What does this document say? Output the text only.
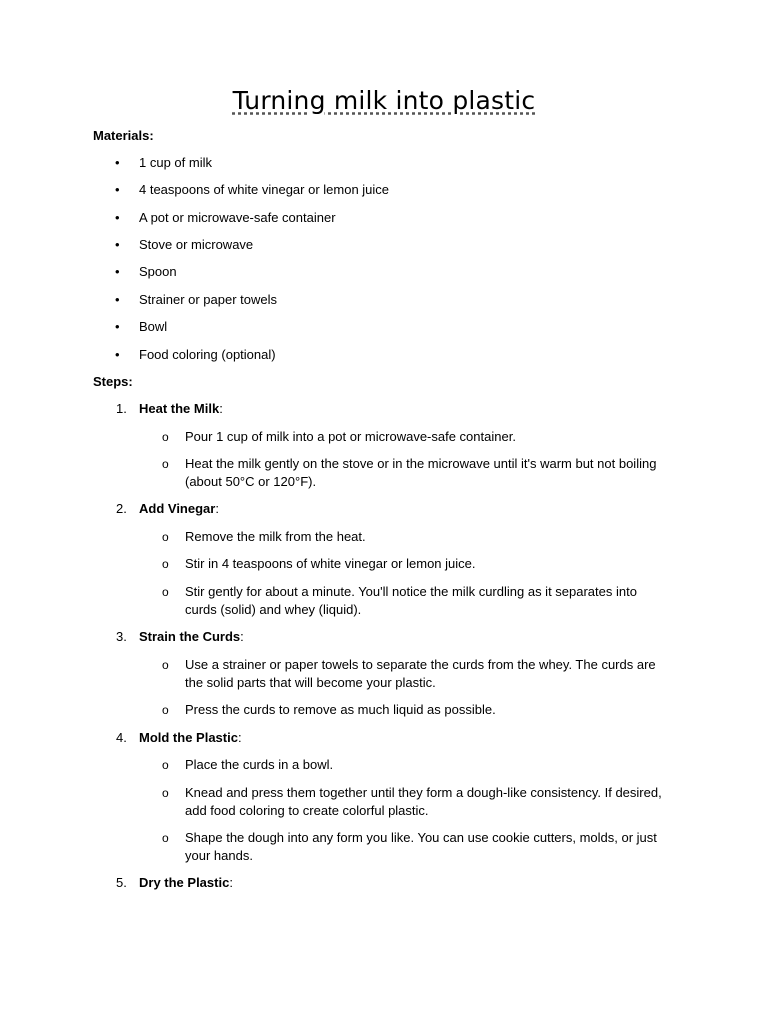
Turning milk into plastic
Materials:
• 1 cup of milk
• 4 teaspoons of white vinegar or lemon juice
• A pot or microwave-safe container
• Stove or microwave
• Spoon
• Strainer or paper towels
• Bowl
• Food coloring (optional)
Steps:
1. Heat the Milk:
o Pour 1 cup of milk into a pot or microwave-safe container.
o Heat the milk gently on the stove or in the microwave until it's warm but not boiling (about 50°C or 120°F).
2. Add Vinegar:
o Remove the milk from the heat.
o Stir in 4 teaspoons of white vinegar or lemon juice.
o Stir gently for about a minute. You'll notice the milk curdling as it separates into curds (solid) and whey (liquid).
3. Strain the Curds:
o Use a strainer or paper towels to separate the curds from the whey. The curds are the solid parts that will become your plastic.
o Press the curds to remove as much liquid as possible.
4. Mold the Plastic:
o Place the curds in a bowl.
o Knead and press them together until they form a dough-like consistency. If desired, add food coloring to create colorful plastic.
o Shape the dough into any form you like. You can use cookie cutters, molds, or just your hands.
5. Dry the Plastic:
